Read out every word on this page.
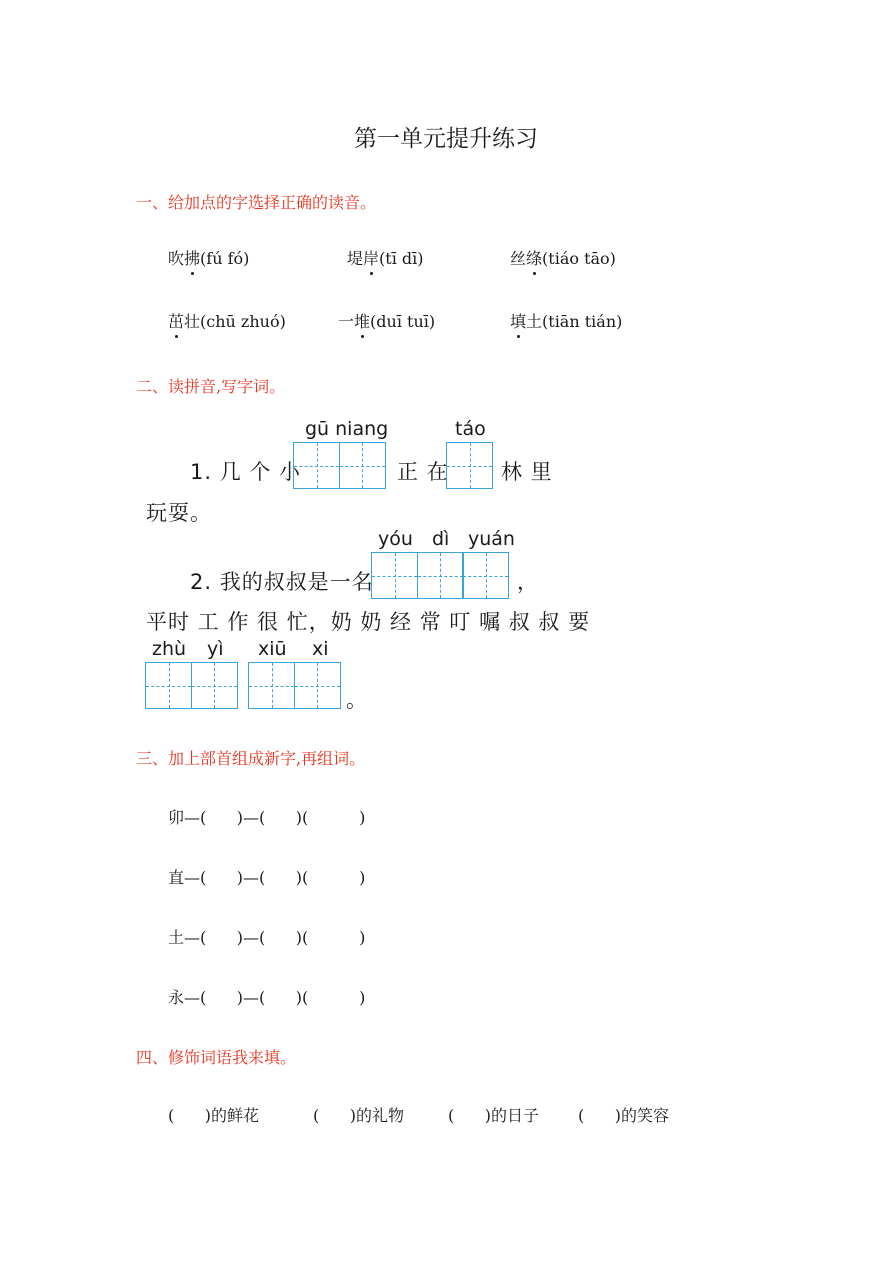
第一单元提升练习
一、给加点的字选择正确的读音。
吹拂(fú fó)	堤岸(tī dī)	丝绦(tiáo tāo)
茁壮(chū zhuó)	一堆(duī tuī)	填土(tiān tián)
二、读拼音,写字词。
gū niang	táo
1. 几 个 小	正 在 林 里
玩耍。
yóu dì yuán
2. 我的叔叔是一名	，
平时 工 作 很 忙，奶 奶 经 常 叮 嘱 叔 叔 要
zhù yì xiū xi
。
三、加上部首组成新字,再组词。
卯—(      )—(      )(          )
直—(      )—(      )(          )
土—(      )—(      )(          )
永—(      )—(      )(          )
四、修饰词语我来填。
(      )的鲜花	(      )的礼物	(      )的日子 (      )的笑容
